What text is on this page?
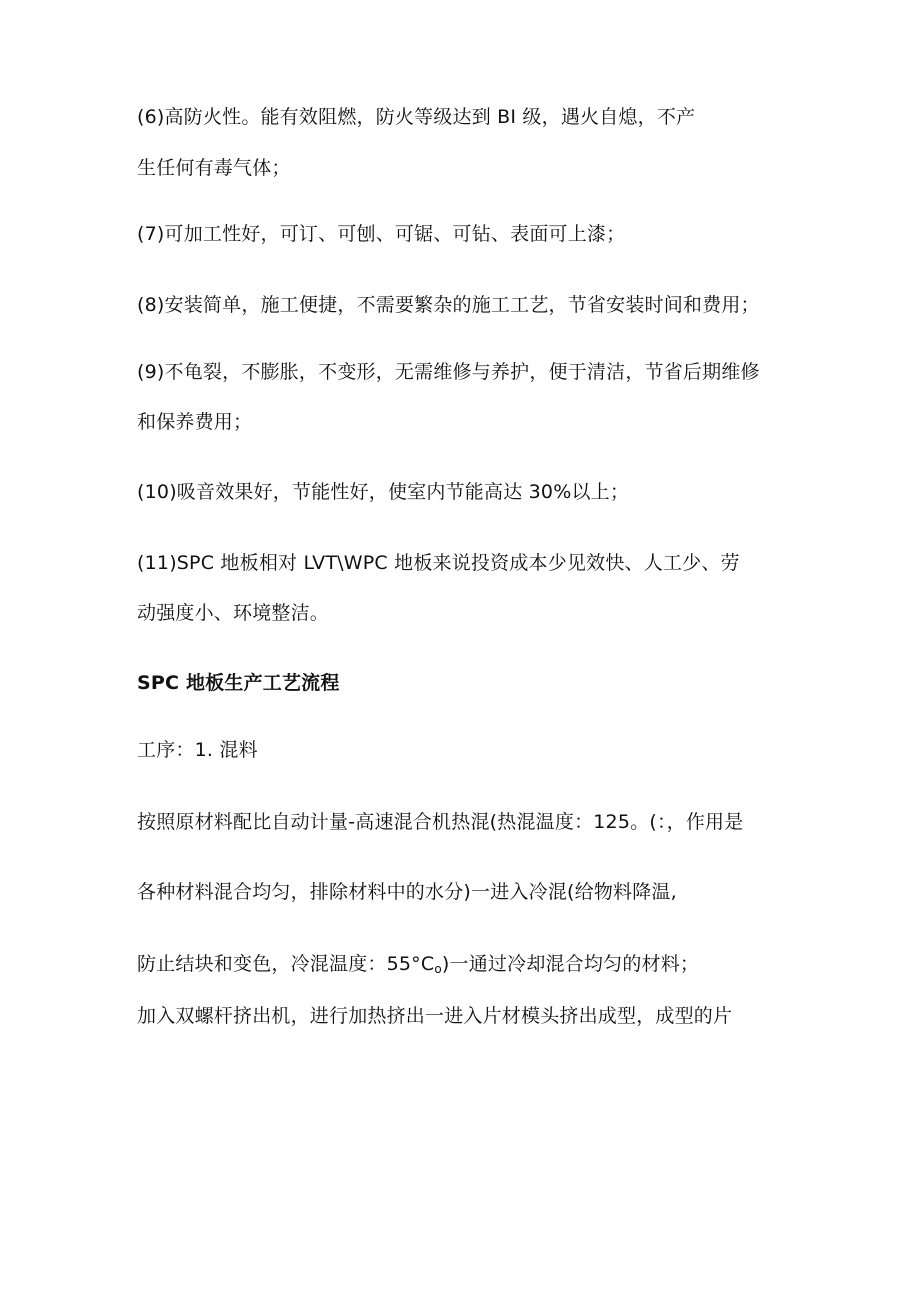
(6)高防火性。能有效阻燃，防火等级达到 BI 级，遇火自熄，不产
生任何有毒气体；
(7)可加工性好，可订、可刨、可锯、可钻、表面可上漆；
(8)安装简单，施工便捷，不需要繁杂的施工工艺，节省安装时间和费用；
(9)不龟裂，不膨胀，不变形，无需维修与养护，便于清洁，节省后期维修
和保养费用；
(10)吸音效果好，节能性好，使室内节能高达 30%以上；
(11)SPC 地板相对 LVT\WPC 地板来说投资成本少见效快、人工少、劳
动强度小、环境整洁。
SPC 地板生产工艺流程
工序：1. 混料
按照原材料配比自动计量-高速混合机热混(热混温度：125。(：，作用是
各种材料混合均匀，排除材料中的水分)一进入冷混(给物料降温,
防止结块和变色，冷混温度：$55^\circ C_o$)一通过冷却混合均匀的材料；
加入双螺杆挤出机，进行加热挤出一进入片材模头挤出成型，成型的片
